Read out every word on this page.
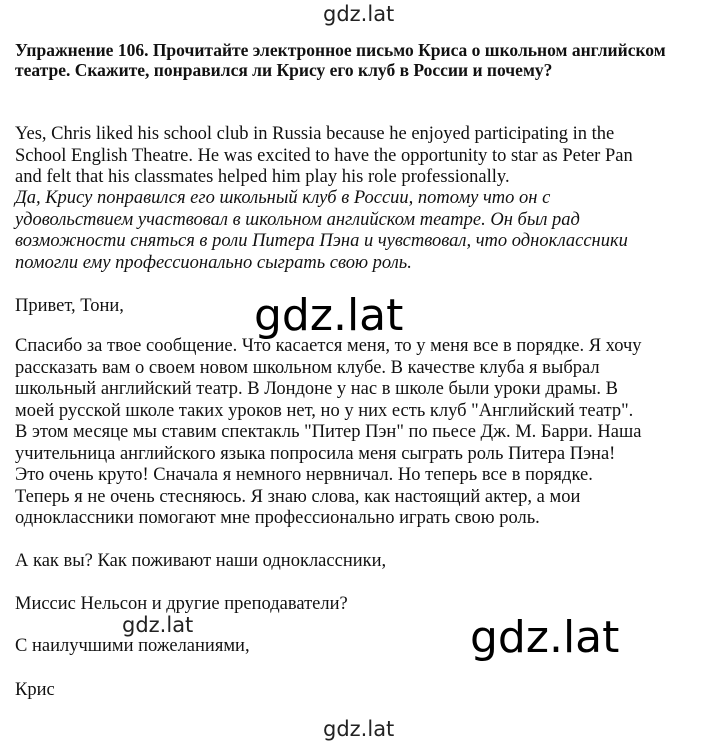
gdz.lat
Упражнение 106. Прочитайте электронное письмо Криса о школьном английском театре. Скажите, понравился ли Крису его клуб в России и почему?
Yes, Chris liked his school club in Russia because he enjoyed participating in the
School English Theatre. He was excited to have the opportunity to star as Peter Pan
and felt that his classmates helped him play his role professionally.
Да, Крису понравился его школьный клуб в России, потому что он с
удовольствием участвовал в школьном английском театре. Он был рад
возможности сняться в роли Питера Пэна и чувствовал, что одноклассники
помогли ему профессионально сыграть свою роль.
Привет, Тони,
Спасибо за твое сообщение. Что касается меня, то у меня все в порядке. Я хочу
рассказать вам о своем новом школьном клубе. В качестве клуба я выбрал
школьный английский театр. В Лондоне у нас в школе были уроки драмы. В
моей русской школе таких уроков нет, но у них есть клуб "Английский театр".
В этом месяце мы ставим спектакль "Питер Пэн" по пьесе Дж. М. Барри. Наша
учительница английского языка попросила меня сыграть роль Питера Пэна!
Это очень круто! Сначала я немного нервничал. Но теперь все в порядке.
Теперь я не очень стесняюсь. Я знаю слова, как настоящий актер, а мои
одноклассники помогают мне профессионально играть свою роль.
А как вы? Как поживают наши одноклассники,
Миссис Нельсон и другие преподаватели?
С наилучшими пожеланиями,
Крис
gdz.lat
gdz.lat	gdz.lat
gdz.lat
